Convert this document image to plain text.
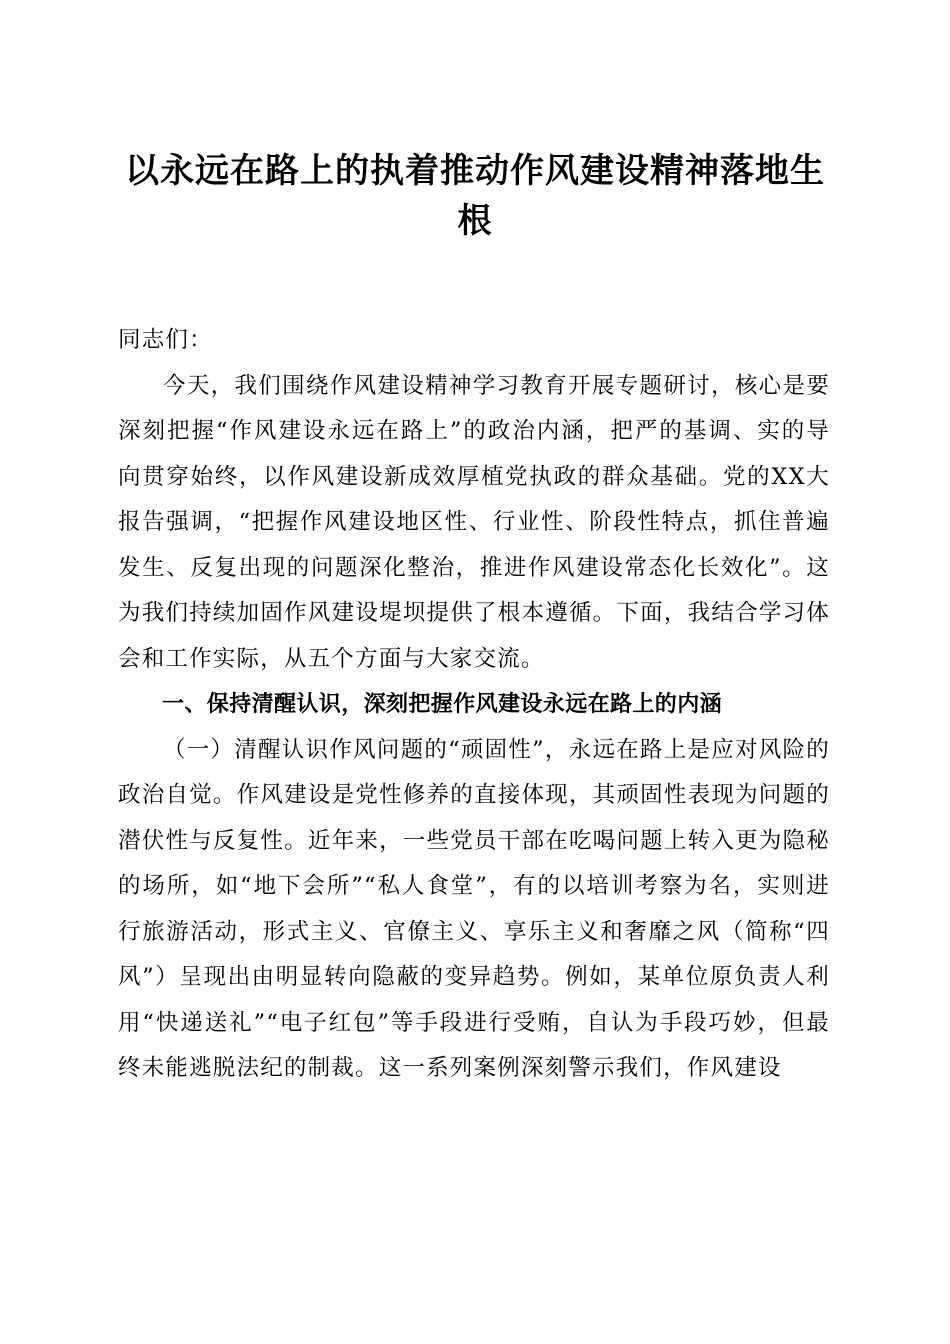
以永远在路上的执着推动作风建设精神落地生根

同志们：

今天，我们围绕作风建设精神学习教育开展专题研讨，核心是要深刻把握“作风建设永远在路上”的政治内涵，把严的基调、实的导向贯穿始终，以作风建设新成效厚植党执政的群众基础。党的XX大报告强调，“把握作风建设地区性、行业性、阶段性特点，抓住普遍发生、反复出现的问题深化整治，推进作风建设常态化长效化”。这为我们持续加固作风建设堤坝提供了根本遵循。下面，我结合学习体会和工作实际，从五个方面与大家交流。

一、保持清醒认识，深刻把握作风建设永远在路上的内涵

（一）清醒认识作风问题的“顽固性”，永远在路上是应对风险的政治自觉。作风建设是党性修养的直接体现，其顽固性表现为问题的潜伏性与反复性。近年来，一些党员干部在吃喝问题上转入更为隐秘的场所，如“地下会所”“私人食堂”，有的以培训考察为名，实则进行旅游活动，形式主义、官僚主义、享乐主义和奢靡之风（简称“四风”）呈现出由明显转向隐蔽的变异趋势。例如，某单位原负责人利用“快递送礼”“电子红包”等手段进行受贿，自认为手段巧妙，但最终未能逃脱法纪的制裁。这一系列案例深刻警示我们，作风建设
